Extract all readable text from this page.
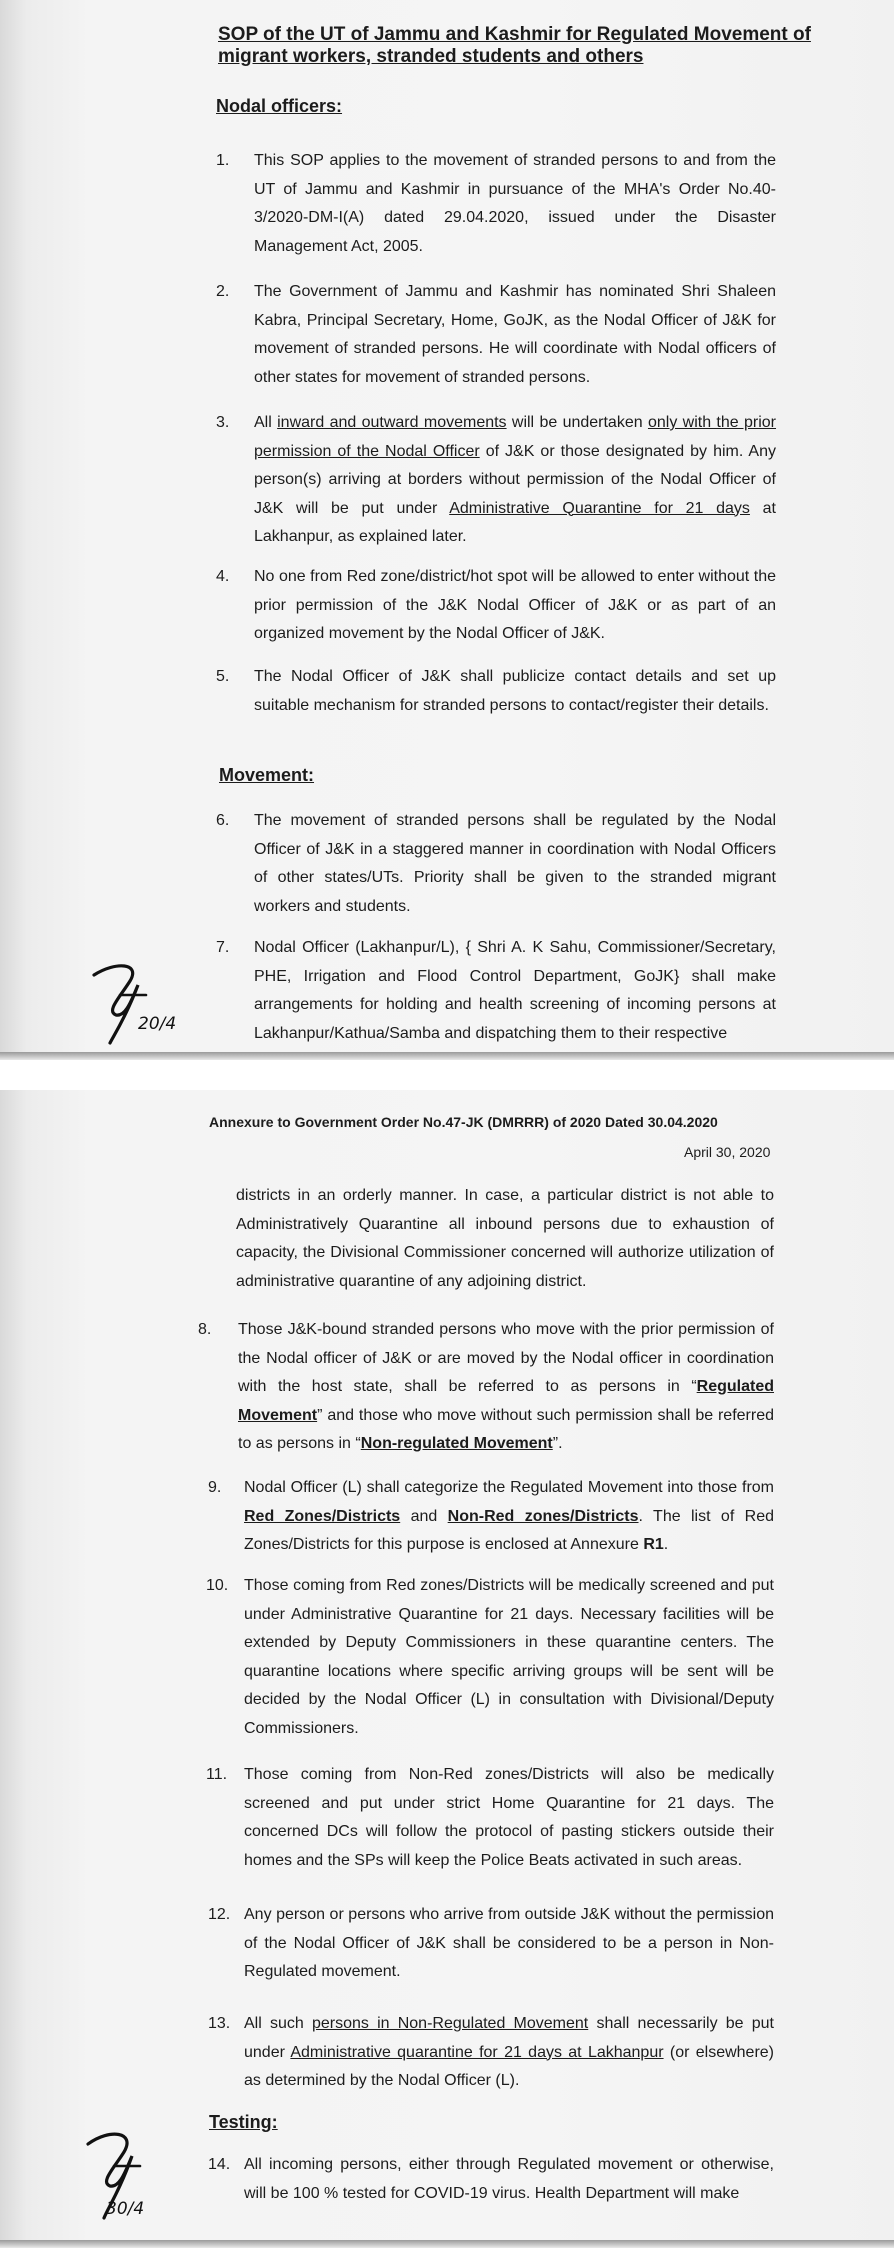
SOP of the UT of Jammu and Kashmir for Regulated Movement of
migrant workers, stranded students and others
Nodal officers:
1. This SOP applies to the movement of stranded persons to and from the UT of Jammu and Kashmir in pursuance of the MHA's Order No.40-3/2020-DM-I(A) dated 29.04.2020, issued under the Disaster Management Act, 2005.
2. The Government of Jammu and Kashmir has nominated Shri Shaleen Kabra, Principal Secretary, Home, GoJK, as the Nodal Officer of J&K for movement of stranded persons. He will coordinate with Nodal officers of other states for movement of stranded persons.
3. All inward and outward movements will be undertaken only with the prior permission of the Nodal Officer of J&K or those designated by him. Any person(s) arriving at borders without permission of the Nodal Officer of J&K will be put under Administrative Quarantine for 21 days at Lakhanpur, as explained later.
4. No one from Red zone/district/hot spot will be allowed to enter without the prior permission of the J&K Nodal Officer of J&K or as part of an organized movement by the Nodal Officer of J&K.
5. The Nodal Officer of J&K shall publicize contact details and set up suitable mechanism for stranded persons to contact/register their details.
Movement:
6. The movement of stranded persons shall be regulated by the Nodal Officer of J&K in a staggered manner in coordination with Nodal Officers of other states/UTs. Priority shall be given to the stranded migrant workers and students.
7. Nodal Officer (Lakhanpur/L), { Shri A. K Sahu, Commissioner/Secretary, PHE, Irrigation and Flood Control Department, GoJK} shall make arrangements for holding and health screening of incoming persons at Lakhanpur/Kathua/Samba and dispatching them to their respective
20/4
Annexure to Government Order No.47-JK (DMRRR) of 2020 Dated 30.04.2020
April 30, 2020
districts in an orderly manner. In case, a particular district is not able to Administratively Quarantine all inbound persons due to exhaustion of capacity, the Divisional Commissioner concerned will authorize utilization of administrative quarantine of any adjoining district.
8. Those J&K-bound stranded persons who move with the prior permission of the Nodal officer of J&K or are moved by the Nodal officer in coordination with the host state, shall be referred to as persons in “Regulated Movement” and those who move without such permission shall be referred to as persons in “Non-regulated Movement”.
9. Nodal Officer (L) shall categorize the Regulated Movement into those from Red Zones/Districts and Non-Red zones/Districts. The list of Red Zones/Districts for this purpose is enclosed at Annexure R1.
10. Those coming from Red zones/Districts will be medically screened and put under Administrative Quarantine for 21 days. Necessary facilities will be extended by Deputy Commissioners in these quarantine centers. The quarantine locations where specific arriving groups will be sent will be decided by the Nodal Officer (L) in consultation with Divisional/Deputy Commissioners.
11. Those coming from Non-Red zones/Districts will also be medically screened and put under strict Home Quarantine for 21 days. The concerned DCs will follow the protocol of pasting stickers outside their homes and the SPs will keep the Police Beats activated in such areas.
12. Any person or persons who arrive from outside J&K without the permission of the Nodal Officer of J&K shall be considered to be a person in Non-Regulated movement.
13. All such persons in Non-Regulated Movement shall necessarily be put under Administrative quarantine for 21 days at Lakhanpur (or elsewhere) as determined by the Nodal Officer (L).
Testing:
14. All incoming persons, either through Regulated movement or otherwise, will be 100 % tested for COVID-19 virus. Health Department will make
30/4
